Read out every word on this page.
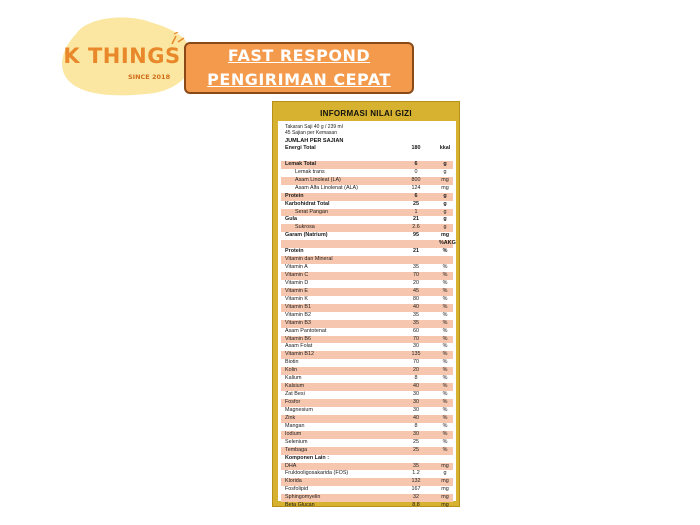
K THINGS
SINCE 2018
FAST RESPOND
PENGIRIMAN CEPAT
INFORMASI NILAI GIZI
Takaran Saji 40 g / 239 ml
45 Sajian per Kemasan
JUMLAH PER SAJIAN
Energi Total	180	kkal
Lemak Total	6	g
Lemak trans	0	g
Asam Linoleat (LA)	800	mg
Asam Alfa Linolenat (ALA)	124	mg
Protein	6	g
Karbohidrat Total	25	g
Serat Pangan	1	g
Gula	21	g
Sukrosa	2.6	g
Garam (Natrium)	95	mg
%AKG
Protein	21	%
Vitamin dan Mineral
Vitamin A	35	%
Vitamin C	70	%
Vitamin D	20	%
Vitamin E	45	%
Vitamin K	80	%
Vitamin B1	40	%
Vitamin B2	35	%
Vitamin B3	35	%
Asam Pantotenat	60	%
Vitamin B6	70	%
Asam Folat	30	%
Vitamin B12	135	%
Biotin	70	%
Kolin	20	%
Kalium	8	%
Kalsium	40	%
Zat Besi	30	%
Fosfor	30	%
Magnesium	30	%
Zink	40	%
Mangan	8	%
Iodium	30	%
Selenium	25	%
Tembaga	25	%
Komponen Lain :
DHA	35	mg
Fruktooligosakarida (FOS)	1.2	g
Klorida	132	mg
Fosfolipid	167	mg
Sphingomyelin	32	mg
Beta Glucan	8.8	mg
